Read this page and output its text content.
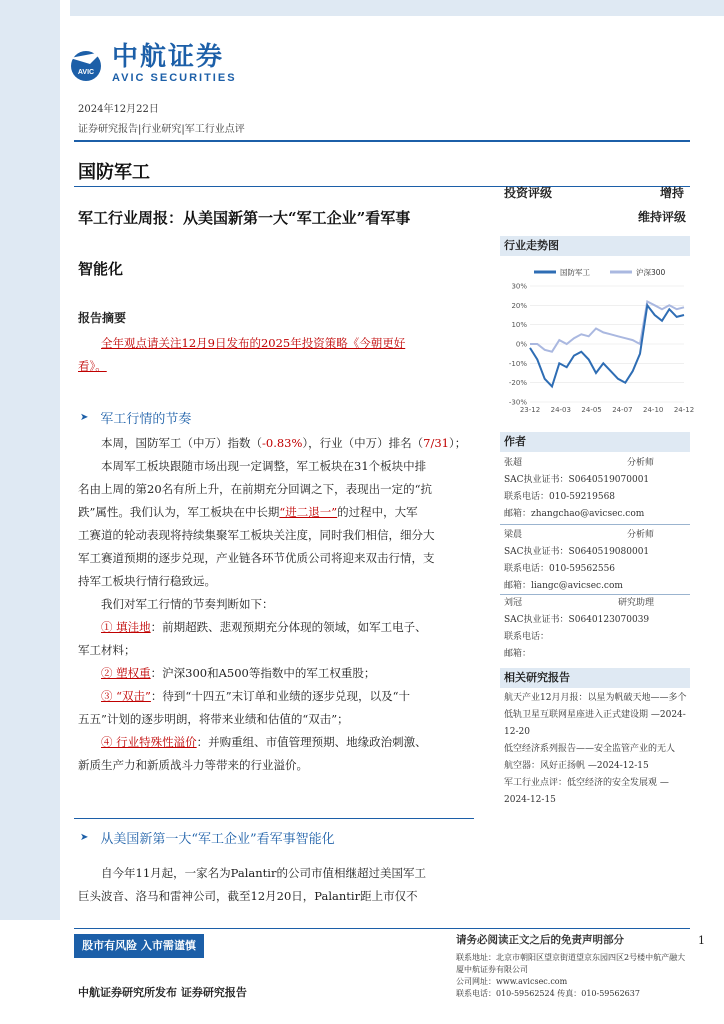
AVIC
中航证券
AVIC SECURITIES
2024年12月22日
证券研究报告|行业研究|军工行业点评
国防军工
军工行业周报：从美国新第一大“军工企业”看军事
智能化
报告摘要

全年观点请关注12月9日发布的2025年投资策略《今朝更好

看》。

➤ 军工行情的节奏

本周，国防军工（中万）指数（-0.83%），行业（中万）排名（7/31）；

本周军工板块跟随市场出现一定调整，军工板块在31个板块中排

名由上周的第20名有所上升，在前期充分回调之下，表现出一定的“抗

跌”属性。我们认为，军工板块在中长期“进二退一”的过程中，大军

工赛道的轮动表现将持续集聚军工板块关注度，同时我们相信，细分大

军工赛道预期的逐步兑现，产业链各环节优质公司将迎来双击行情，支

持军工板块行情行稳致远。

我们对军工行情的节奏判断如下：

① 填洼地：前期超跌、悲观预期充分体现的领域，如军工电子、

军工材料；

② 塑权重：沪深300和A500等指数中的军工权重股；

③ “双击”：待到“十四五”末订单和业绩的逐步兑现，以及“十

五五”计划的逐步明朗，将带来业绩和估值的“双击”；

④ 行业特殊性溢价：并购重组、市值管理预期、地缘政治刺激、

新质生产力和新质战斗力等带来的行业溢价。

➤ 从美国新第一大“军工企业”看军事智能化

自今年11月起，一家名为Palantir的公司市值相继超过美国军工

巨头波音、洛马和雷神公司，截至12月20日，Palantir距上市仅不

投资评级	增持
维持评级
行业走势图
国防军工	沪深300
-30%
-20%
-10%
0%
10%
20%
30%
23-12 24-03 24-05 24-07 24-10 24-12
作者
张超	分析师
SAC执业证书：S0640519070001
联系电话：010-59219568
邮箱：zhangchao@avicsec.com
梁晨	分析师
SAC执业证书：S0640519080001
联系电话：010-59562556
邮箱：liangc@avicsec.com
刘冠	研究助理
SAC执业证书：S0640123070039
联系电话：
邮箱：
相关研究报告
航天产业12月月报：以星为帆破天地——多个
低轨卫星互联网星座进入正式建设期 —2024-
12-20
低空经济系列报告——安全监管产业的无人
航空器：风好正扬帆 —2024-12-15
军工行业点评：低空经济的安全发展观 —
2024-12-15
股市有风险 入市需谨慎	请务必阅读正文之后的免责声明部分	1
联系地址：北京市朝阳区望京街道望京东园四区2号楼中航产融大
厦中航证券有限公司
公司网址：www.avicsec.com
联系电话：010-59562524 传真：010-59562637
中航证券研究所发布 证券研究报告
